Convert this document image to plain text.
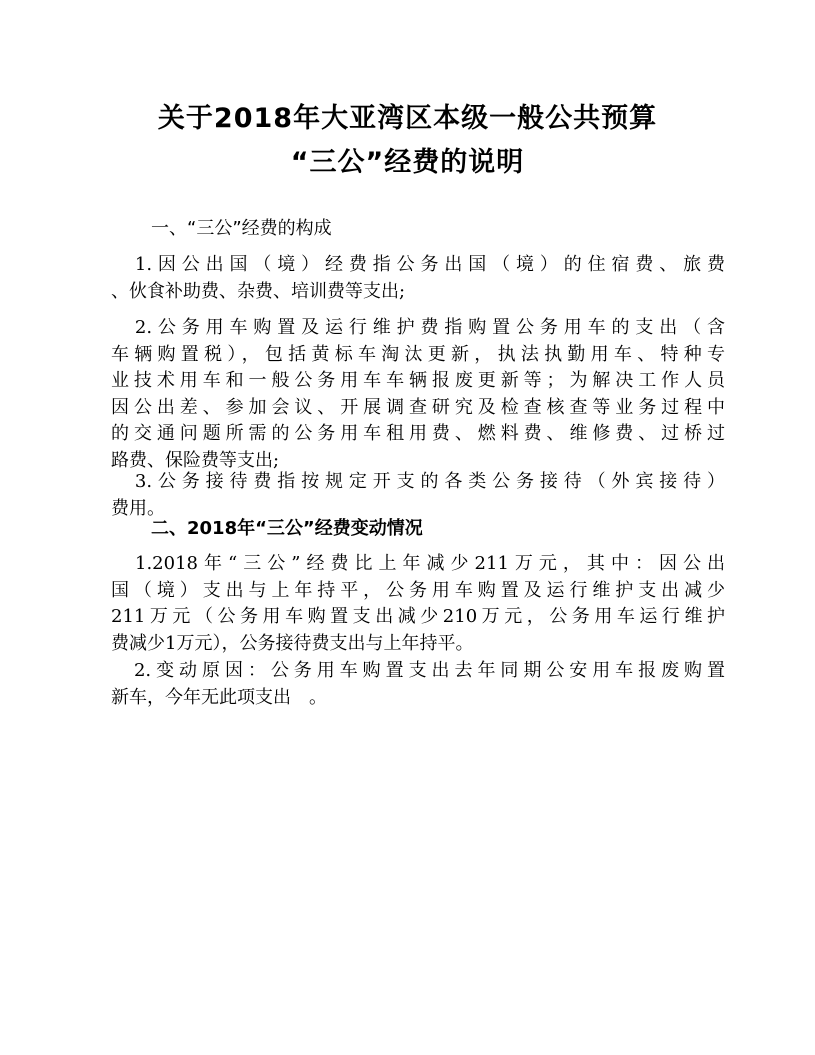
关于2018年大亚湾区本级一般公共预算
“三公”经费的说明
一、“三公”经费的构成
　1.因公出国（境）经费指公务出国（境）的住宿费、旅费
、伙食补助费、杂费、培训费等支出;
　2.公务用车购置及运行维护费指购置公务用车的支出（含
车辆购置税），包括黄标车淘汰更新，执法执勤用车、特种专
业技术用车和一般公务用车车辆报废更新等；为解决工作人员
因公出差、参加会议、开展调查研究及检查核查等业务过程中
的交通问题所需的公务用车租用费、燃料费、维修费、过桥过
路费、保险费等支出;
　3.公务接待费指按规定开支的各类公务接待（外宾接待）
费用。
二、2018年“三公”经费变动情况
　1.2018年“三公”经费比上年减少211万元，其中：因公出
国（境）支出与上年持平，公务用车购置及运行维护支出减少
211万元（公务用车购置支出减少210万元，公务用车运行维护
费减少1万元），公务接待费支出与上年持平。
　2.变动原因：公务用车购置支出去年同期公安用车报废购置
新车，今年无此项支出　。
